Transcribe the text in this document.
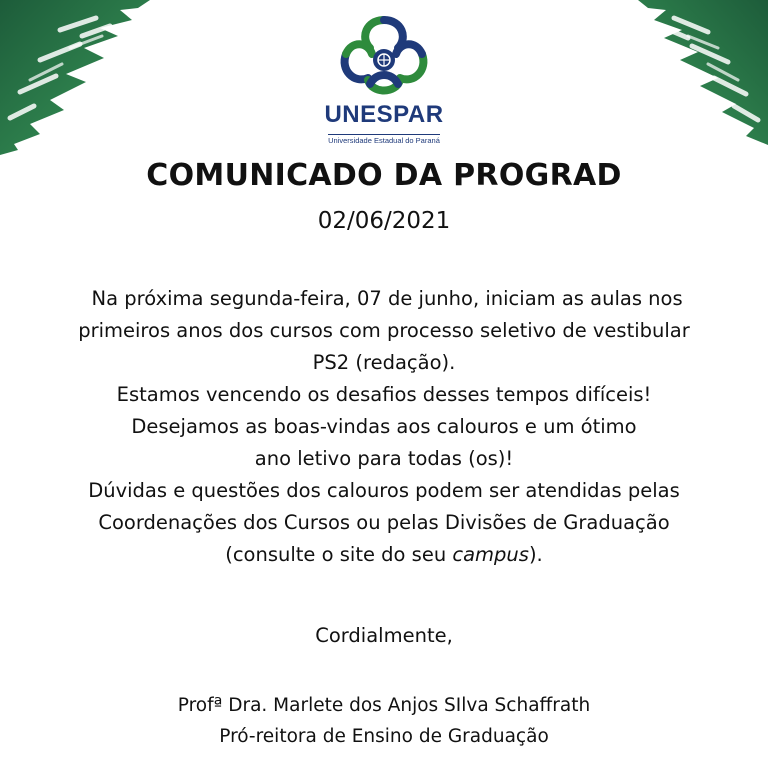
UNESPAR
Universidade Estadual do Paraná
COMUNICADO DA PROGRAD
02/06/2021

Na próxima segunda-feira, 07 de junho, iniciam as aulas nos

primeiros anos dos cursos com processo seletivo de vestibular

PS2 (redação).

Estamos vencendo os desafios desses tempos difíceis!

Desejamos as boas-vindas aos calouros e um ótimo

ano letivo para todas (os)!

Dúvidas e questões dos calouros podem ser atendidas pelas

Coordenações dos Cursos ou pelas Divisões de Graduação

(consulte o site do seu campus).

Cordialmente,

Profª Dra. Marlete dos Anjos SIlva Schaffrath

Pró-reitora de Ensino de Graduação
